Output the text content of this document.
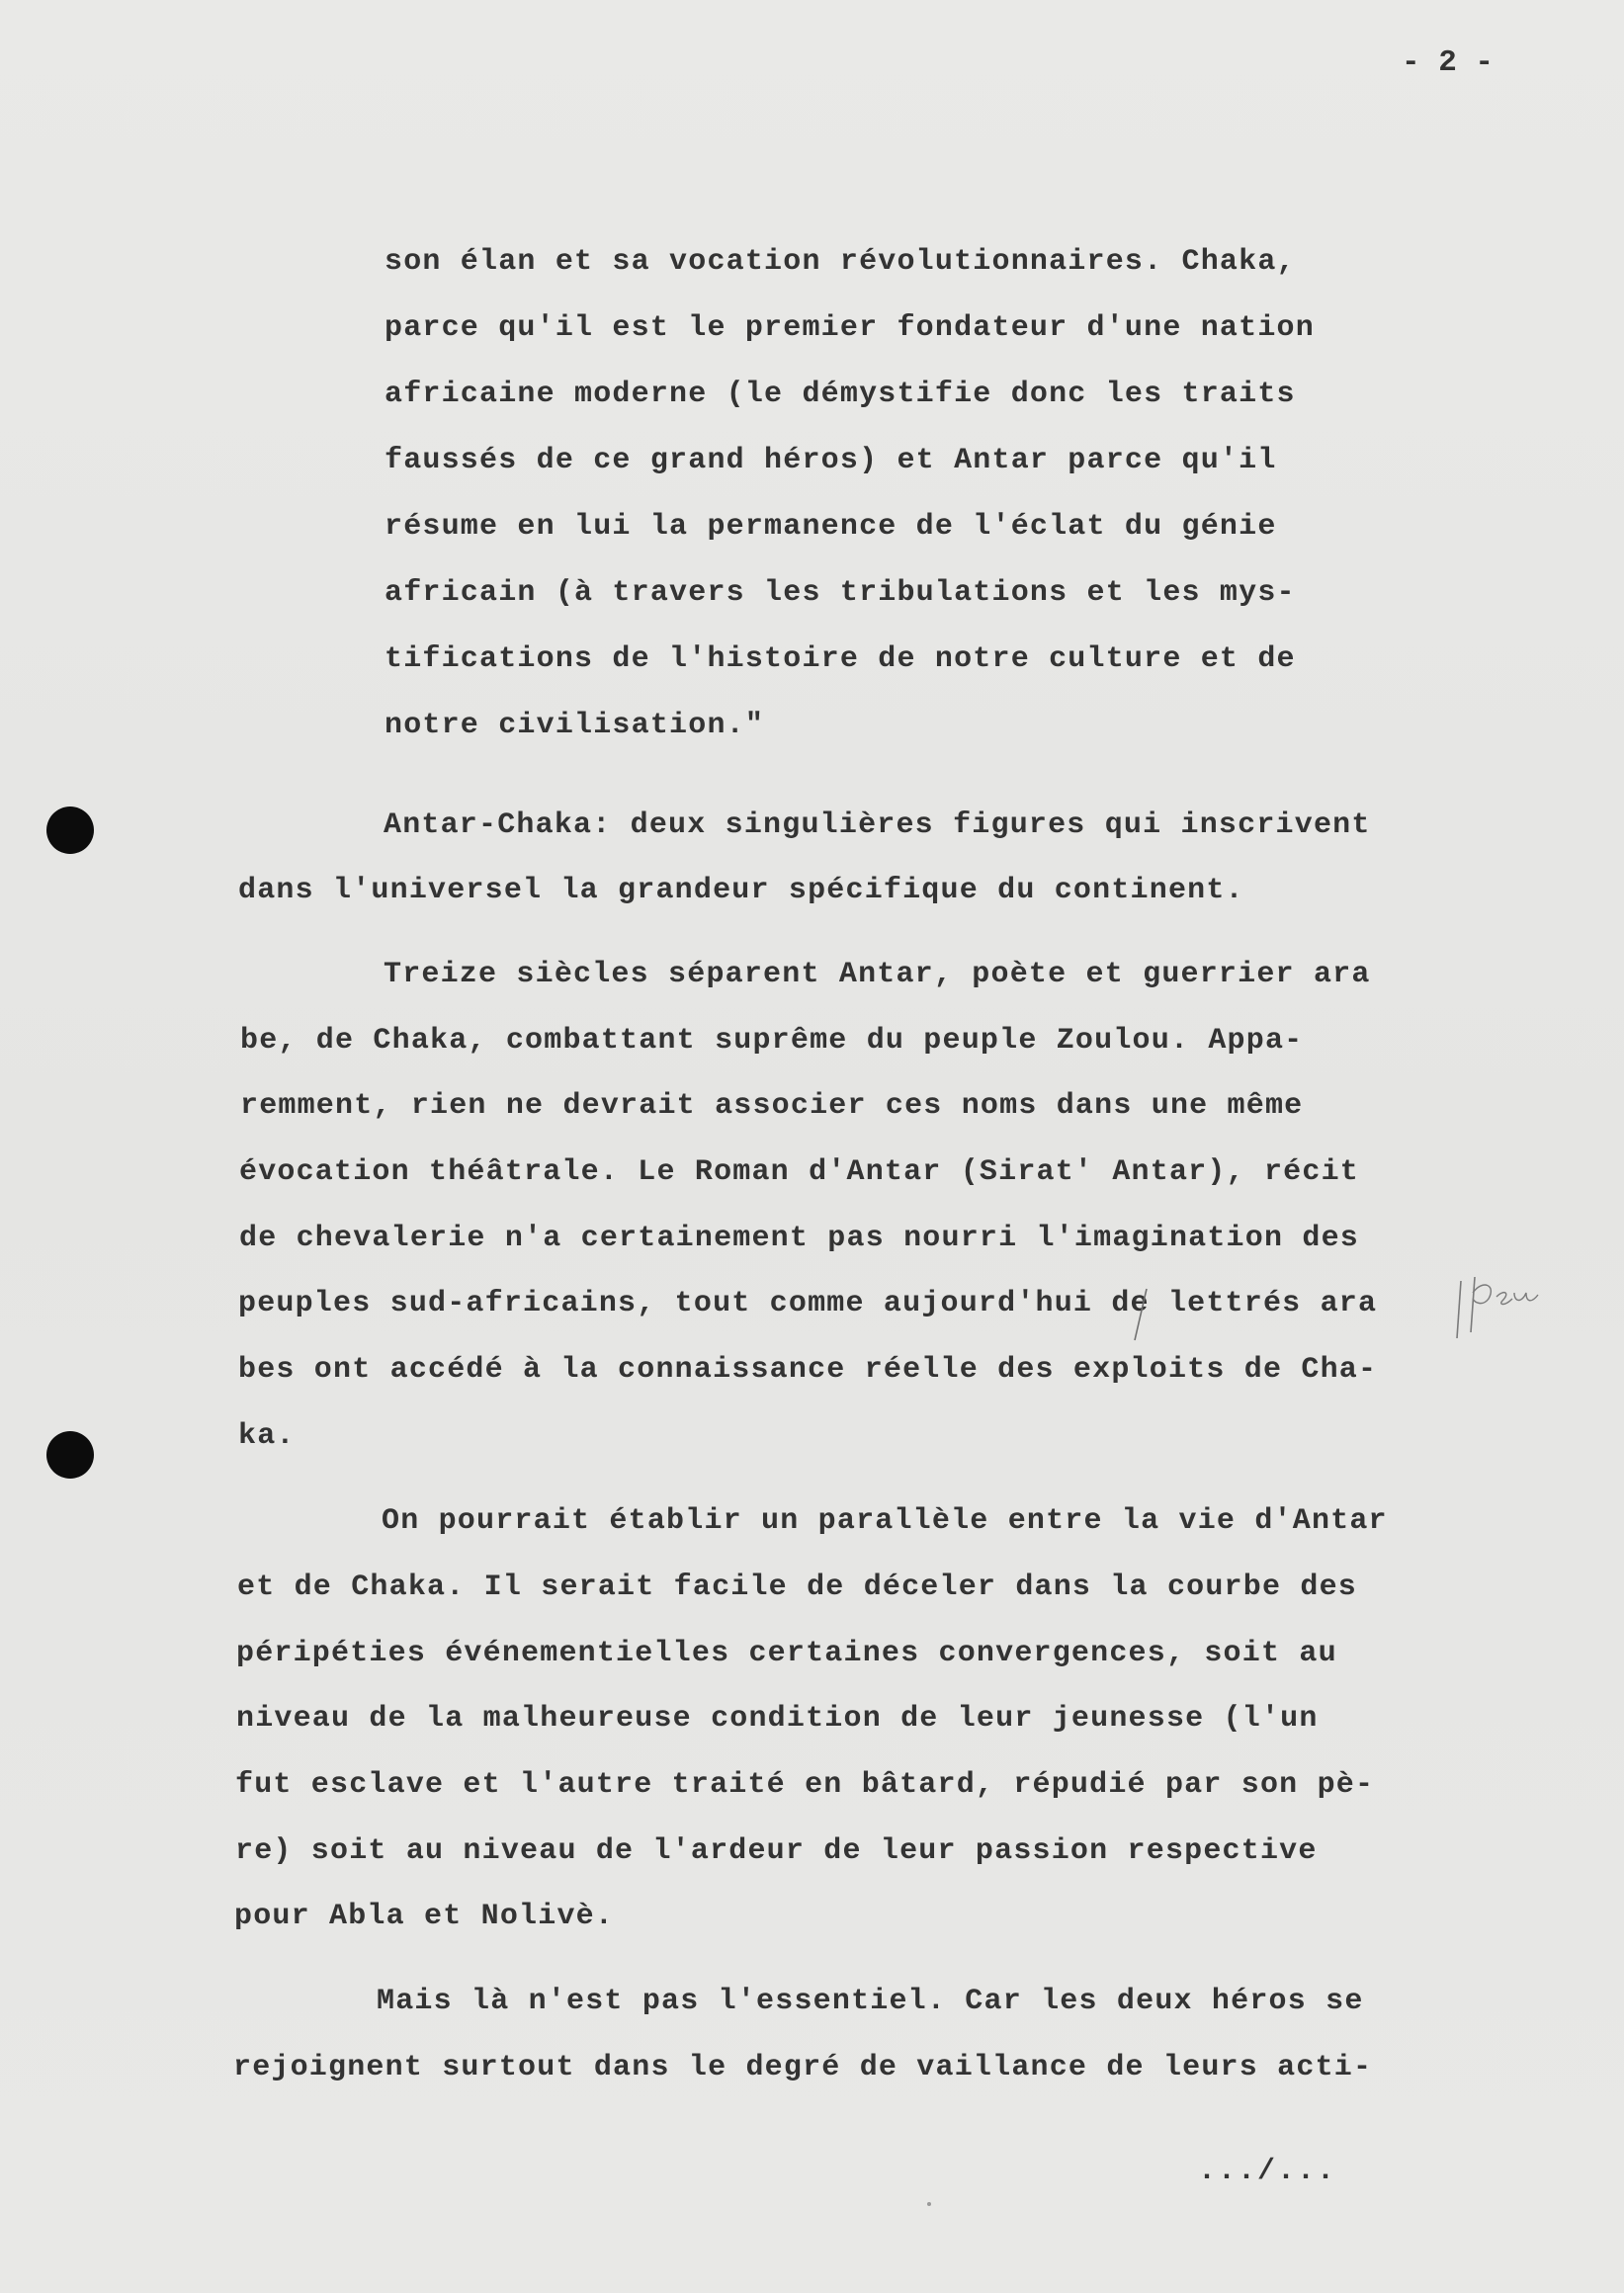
- 2 -
son élan et sa vocation révolutionnaires. Chaka,
parce qu'il est le premier fondateur d'une nation
africaine moderne (le démystifie donc les traits
faussés de ce grand héros) et Antar parce qu'il
résume en lui la permanence de l'éclat du génie
africain (à travers les tribulations et les mys-
tifications de l'histoire de notre culture et de
notre civilisation."
Antar-Chaka: deux singulières figures qui inscrivent
dans l'universel la grandeur spécifique du continent.
Treize siècles séparent Antar, poète et guerrier ara
be, de Chaka, combattant suprême du peuple Zoulou. Appa-
remment, rien ne devrait associer ces noms dans une même
évocation théâtrale. Le Roman d'Antar (Sirat' Antar), récit
de chevalerie n'a certainement pas nourri l'imagination des
peuples sud-africains, tout comme aujourd'hui de lettrés ara
bes ont accédé à la connaissance réelle des exploits de Cha-
ka.
On pourrait établir un parallèle entre la vie d'Antar
et de Chaka. Il serait facile de déceler dans la courbe des
péripéties événementielles certaines convergences, soit au
niveau de la malheureuse condition de leur jeunesse (l'un
fut esclave et l'autre traité en bâtard, répudié par son pè-
re) soit au niveau de l'ardeur de leur passion respective
pour Abla et Nolivè.
Mais là n'est pas l'essentiel. Car les deux héros se
rejoignent surtout dans le degré de vaillance de leurs acti-
.../...
